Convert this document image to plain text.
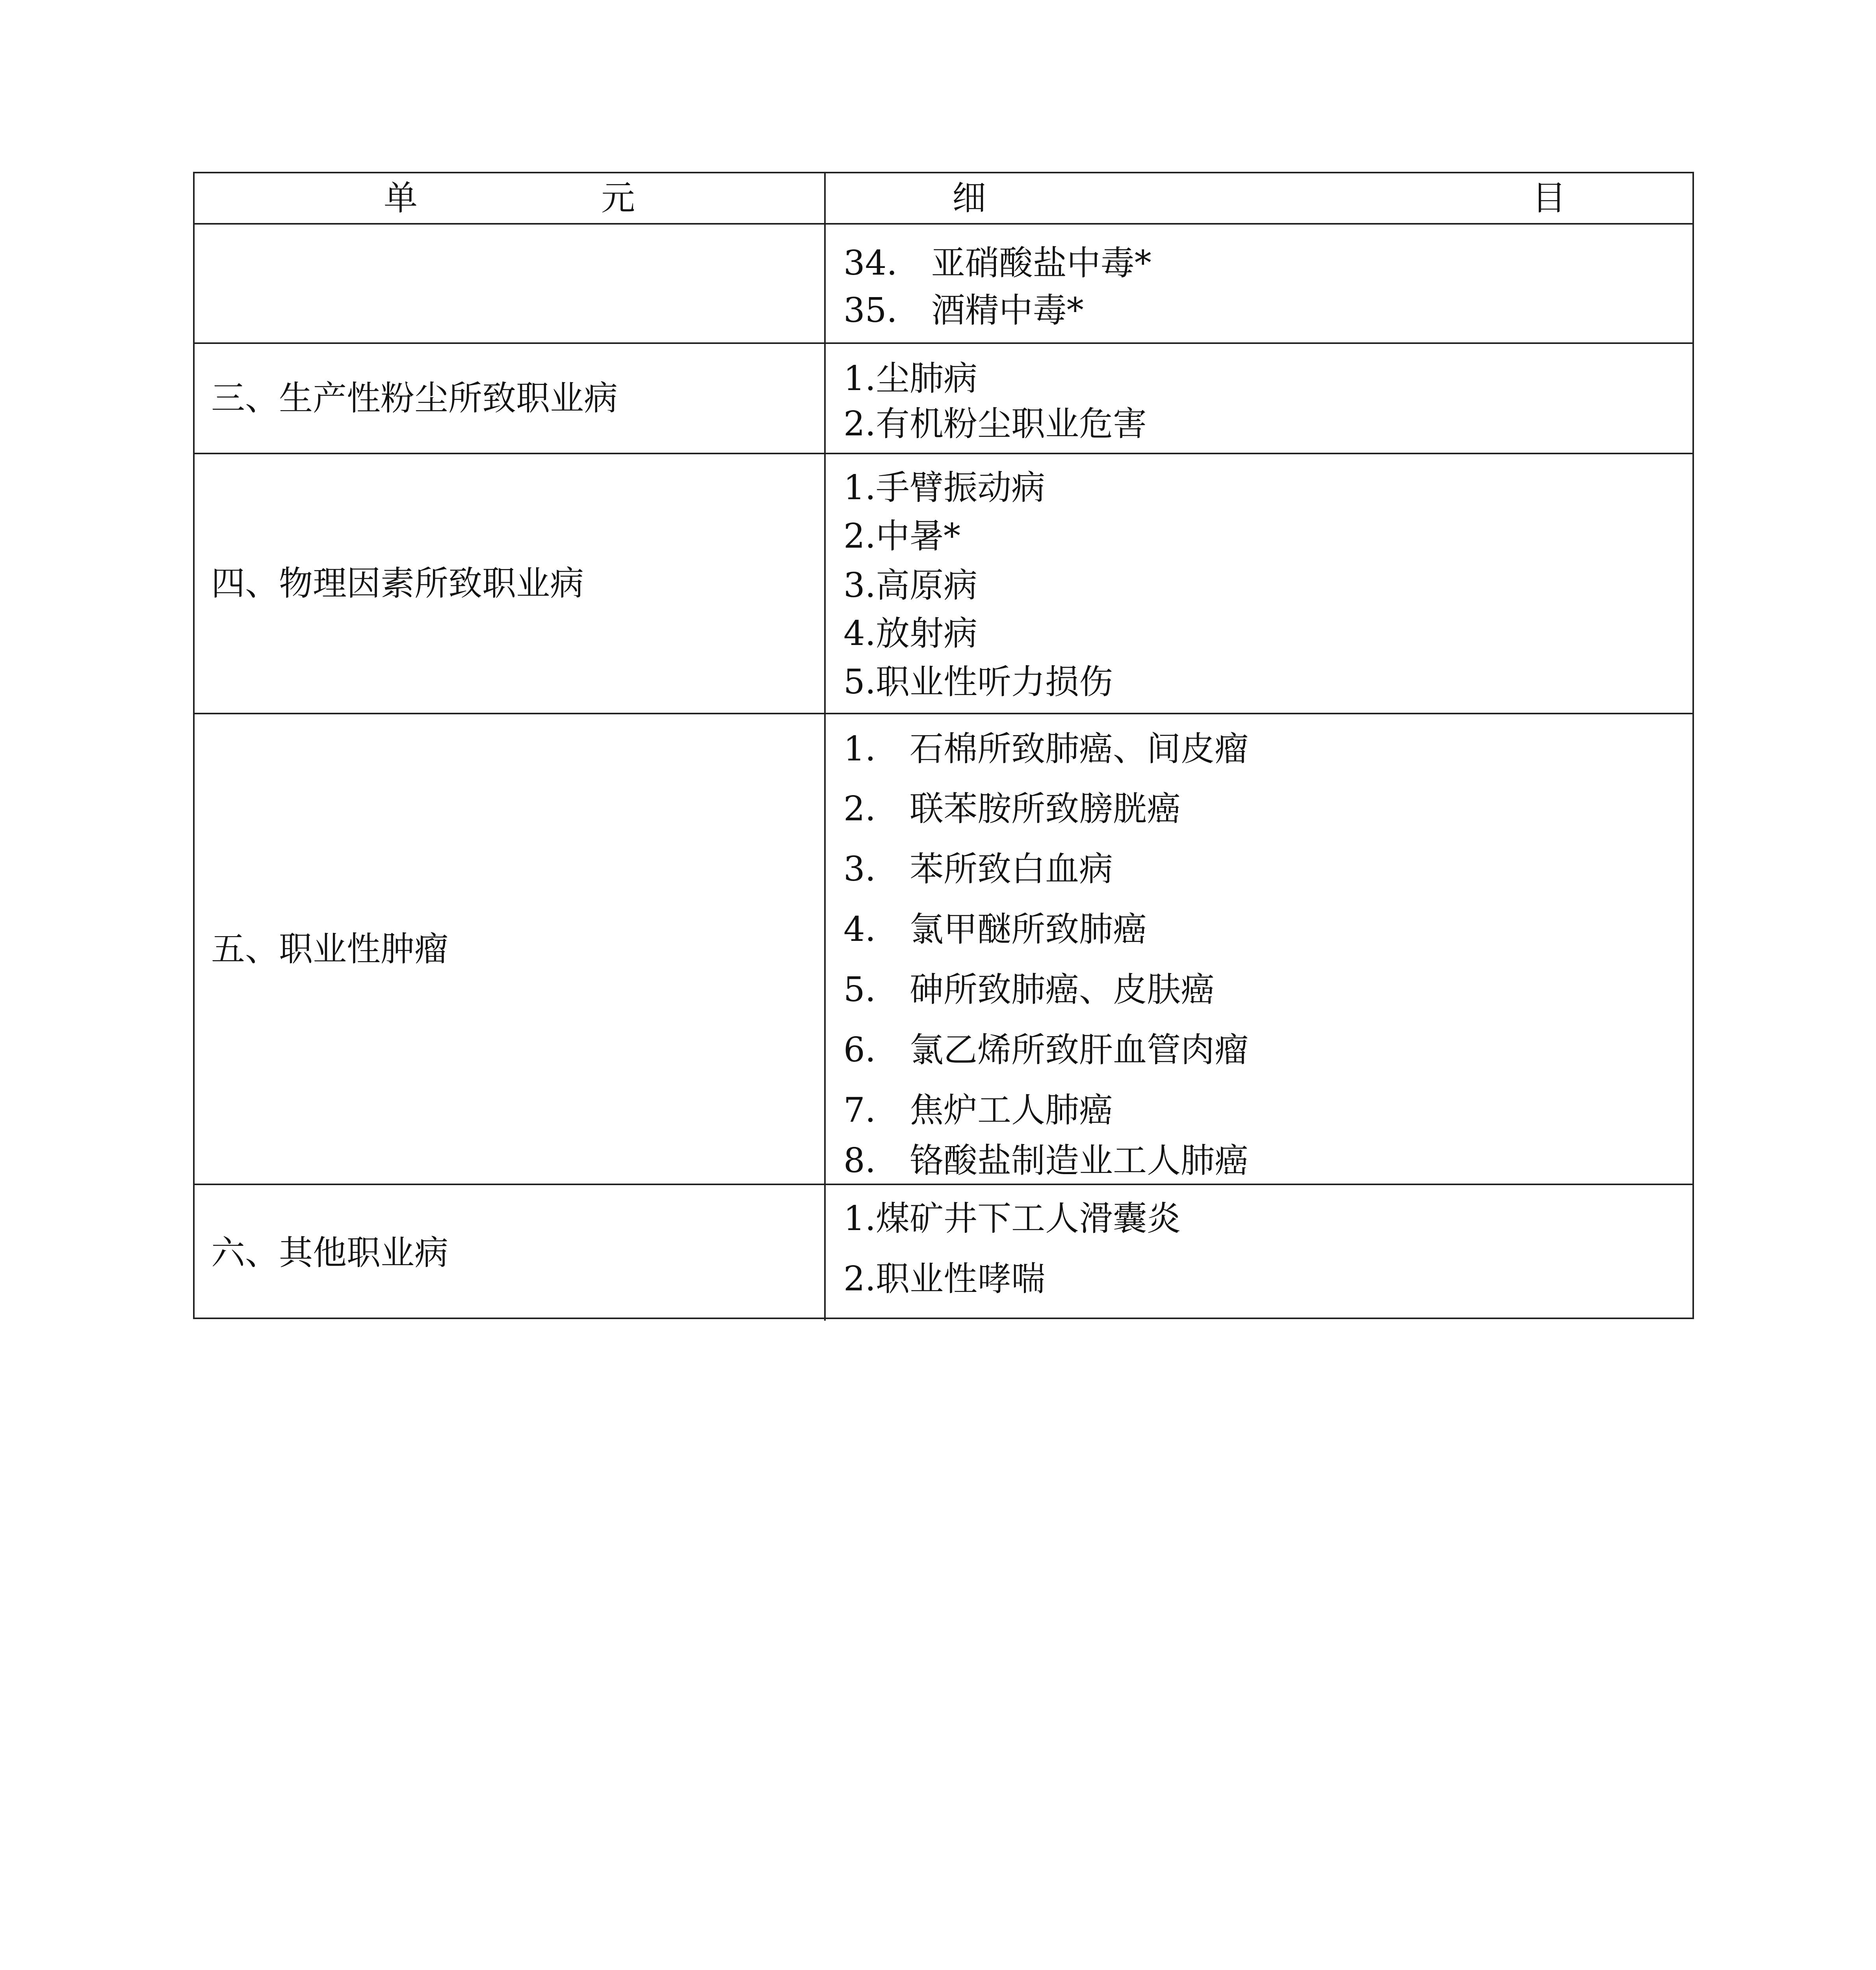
单　元	细　目
34.　亚硝酸盐中毒*
35.　酒精中毒*
三、生产性粉尘所致职业病	1.尘肺病
2.有机粉尘职业危害
四、物理因素所致职业病
1.手臂振动病
2.中暑*
3.高原病
4.放射病
5.职业性听力损伤
五、职业性肿瘤
1.　石棉所致肺癌、间皮瘤
2.　联苯胺所致膀胱癌
3.　苯所致白血病
4.　氯甲醚所致肺癌
5.　砷所致肺癌、皮肤癌
6.　氯乙烯所致肝血管肉瘤
7.　焦炉工人肺癌
8.　铬酸盐制造业工人肺癌
六、其他职业病
1.煤矿井下工人滑囊炎
2.职业性哮喘
